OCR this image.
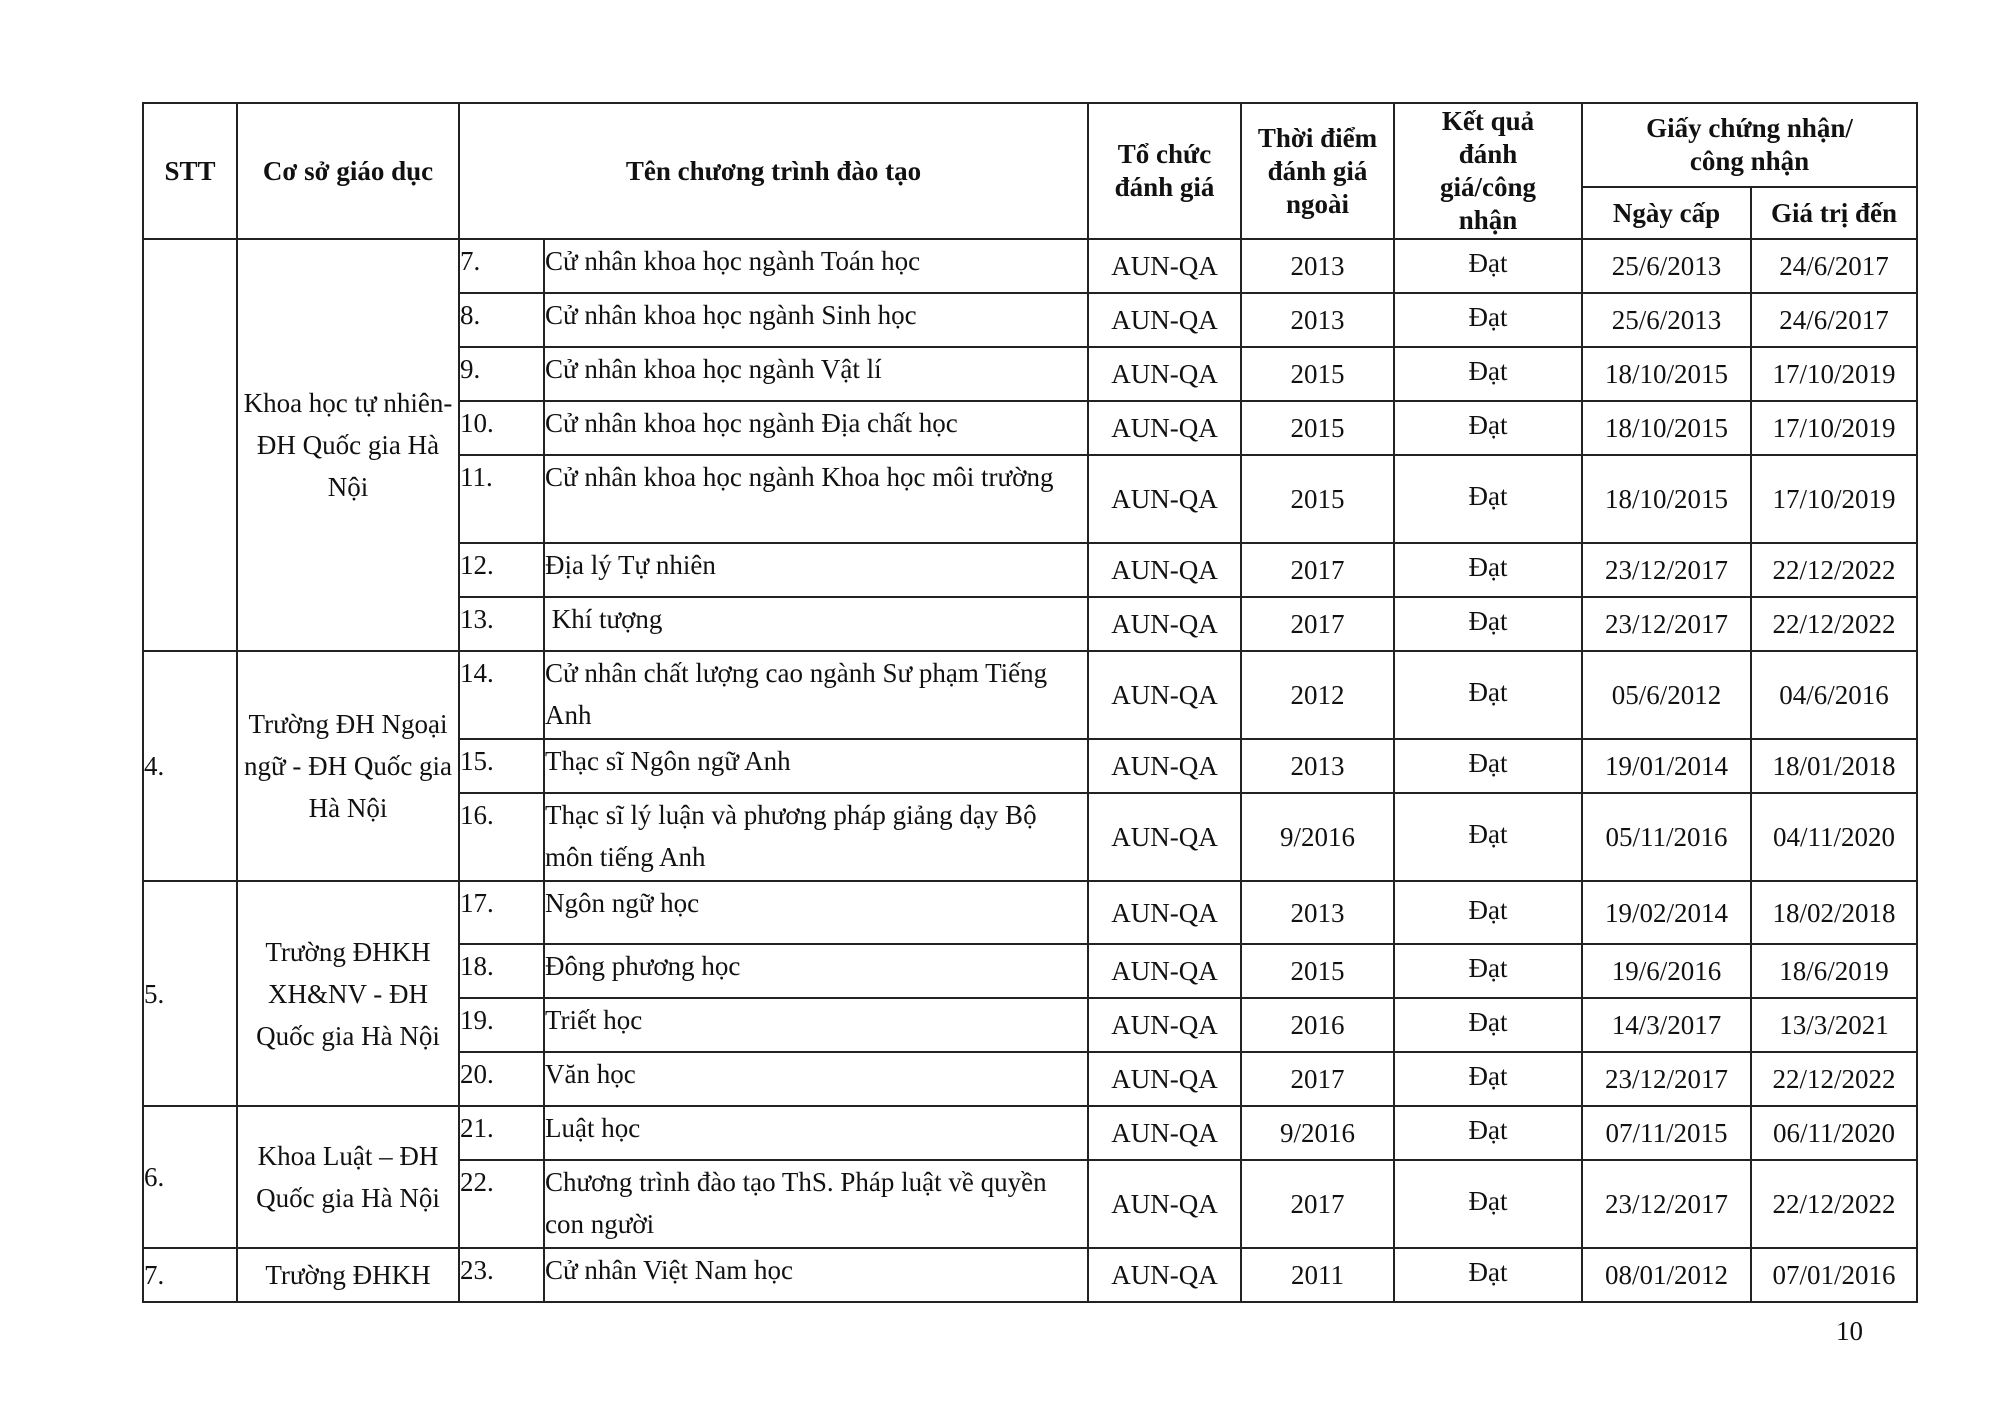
STT	Cơ sở giáo dục	Tên chương trình đào tạo		Tổ chức đánh giá	Thời điểm đánh giá ngoài	Kết quả đánh giá/công nhận	Giấy chứng nhận/ công nhận	
							Ngày cấp	Giá trị đến
	Khoa học tự nhiên- ĐH Quốc gia Hà Nội	7.	Cử nhân khoa học ngành Toán học	AUN-QA	2013	Đạt	25/6/2013	24/6/2017
		8.	Cử nhân khoa học ngành Sinh học	AUN-QA	2013	Đạt	25/6/2013	24/6/2017
		9.	Cử nhân khoa học ngành Vật lí	AUN-QA	2015	Đạt	18/10/2015	17/10/2019
		10.	Cử nhân khoa học ngành Địa chất học	AUN-QA	2015	Đạt	18/10/2015	17/10/2019
		11.	Cử nhân khoa học ngành Khoa học môi trường	AUN-QA	2015	Đạt	18/10/2015	17/10/2019
		12.	Địa lý Tự nhiên	AUN-QA	2017	Đạt	23/12/2017	22/12/2022
		13.	Khí tượng	AUN-QA	2017	Đạt	23/12/2017	22/12/2022
4.	Trường ĐH Ngoại ngữ - ĐH Quốc gia Hà Nội	14.	Cử nhân chất lượng cao ngành Sư phạm Tiếng Anh	AUN-QA	2012	Đạt	05/6/2012	04/6/2016
		15.	Thạc sĩ Ngôn ngữ Anh	AUN-QA	2013	Đạt	19/01/2014	18/01/2018
		16.	Thạc sĩ lý luận và phương pháp giảng dạy Bộ môn tiếng Anh	AUN-QA	9/2016	Đạt	05/11/2016	04/11/2020
5.	Trường ĐHKH XH&NV - ĐH Quốc gia Hà Nội	17.	Ngôn ngữ học	AUN-QA	2013	Đạt	19/02/2014	18/02/2018
		18.	Đông phương học	AUN-QA	2015	Đạt	19/6/2016	18/6/2019
		19.	Triết học	AUN-QA	2016	Đạt	14/3/2017	13/3/2021
		20.	Văn học	AUN-QA	2017	Đạt	23/12/2017	22/12/2022
6.	Khoa Luật – ĐH Quốc gia Hà Nội	21.	Luật học	AUN-QA	9/2016	Đạt	07/11/2015	06/11/2020
		22.	Chương trình đào tạo ThS. Pháp luật về quyền con người	AUN-QA	2017	Đạt	23/12/2017	22/12/2022
7.	Trường ĐHKH	23.	Cử nhân Việt Nam học	AUN-QA	2011	Đạt	08/01/2012	07/01/2016
10
